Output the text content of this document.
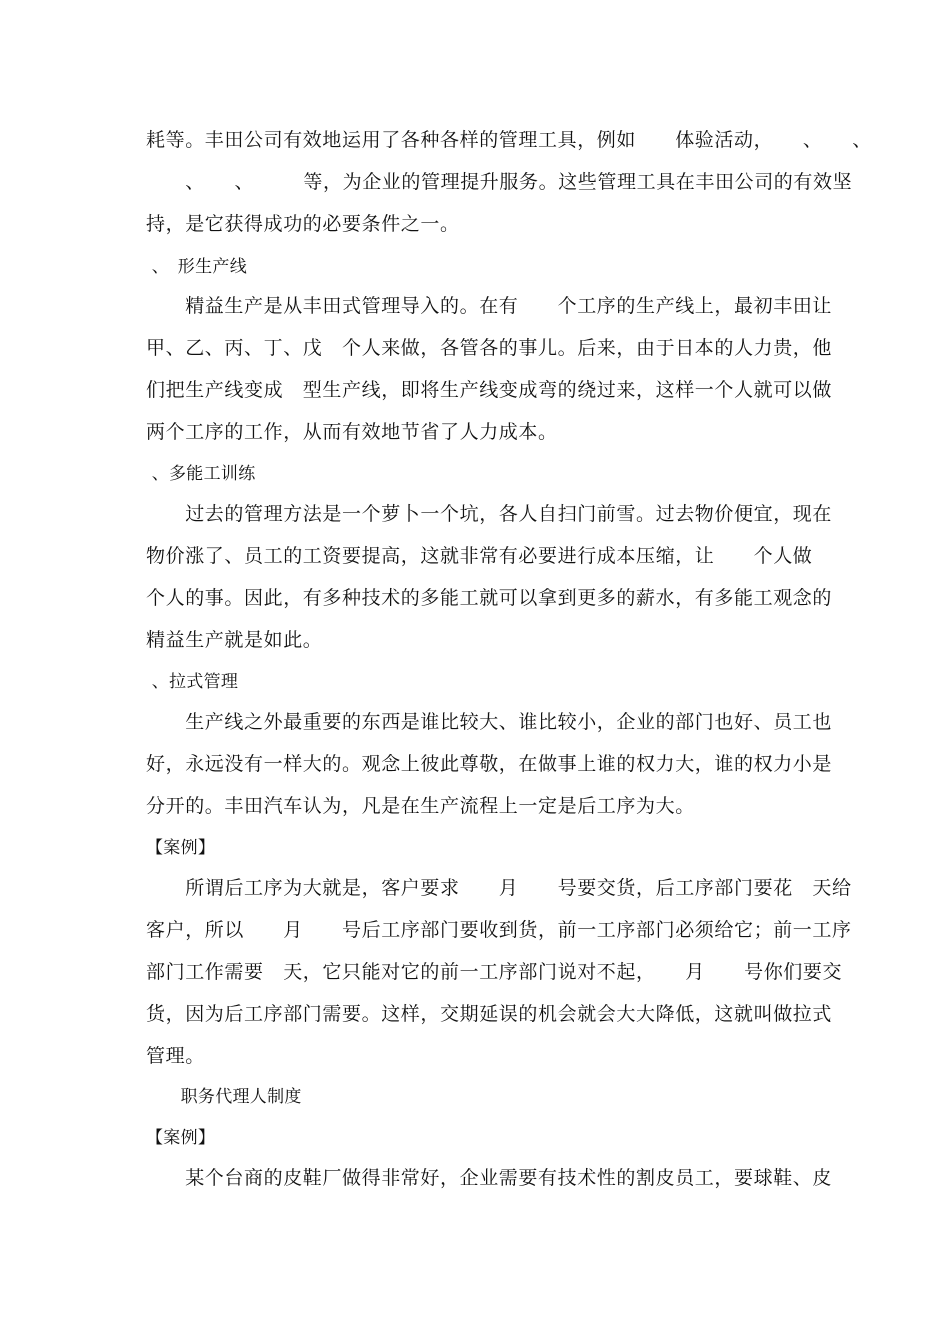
耗等。丰田公司有效地运用了各种各样的管理工具，例如　　体验活动，　　、　　、

　　、　　、　　　等，为企业的管理提升服务。这些管理工具在丰田公司的有效坚

持，是它获得成功的必要条件之一。

、　形生产线

　　精益生产是从丰田式管理导入的。在有　　个工序的生产线上，最初丰田让

甲、乙、丙、丁、戊　个人来做，各管各的事儿。后来，由于日本的人力贵，他

们把生产线变成　型生产线，即将生产线变成弯的绕过来，这样一个人就可以做

两个工序的工作，从而有效地节省了人力成本。

、多能工训练

　　过去的管理方法是一个萝卜一个坑，各人自扫门前雪。过去物价便宜，现在

物价涨了、员工的工资要提高，这就非常有必要进行成本压缩，让　　个人做

个人的事。因此，有多种技术的多能工就可以拿到更多的薪水，有多能工观念的

精益生产就是如此。

、拉式管理

　　生产线之外最重要的东西是谁比较大、谁比较小，企业的部门也好、员工也

好，永远没有一样大的。观念上彼此尊敬，在做事上谁的权力大，谁的权力小是

分开的。丰田汽车认为，凡是在生产流程上一定是后工序为大。

【案例】

　　所谓后工序为大就是，客户要求　　月　　号要交货，后工序部门要花　天给

客户，所以　　月　　号后工序部门要收到货，前一工序部门必须给它；前一工序

部门工作需要　天，它只能对它的前一工序部门说对不起，　　月　　号你们要交

货，因为后工序部门需要。这样，交期延误的机会就会大大降低，这就叫做拉式

管理。

　　职务代理人制度

【案例】

　　某个台商的皮鞋厂做得非常好，企业需要有技术性的割皮员工，要球鞋、皮
